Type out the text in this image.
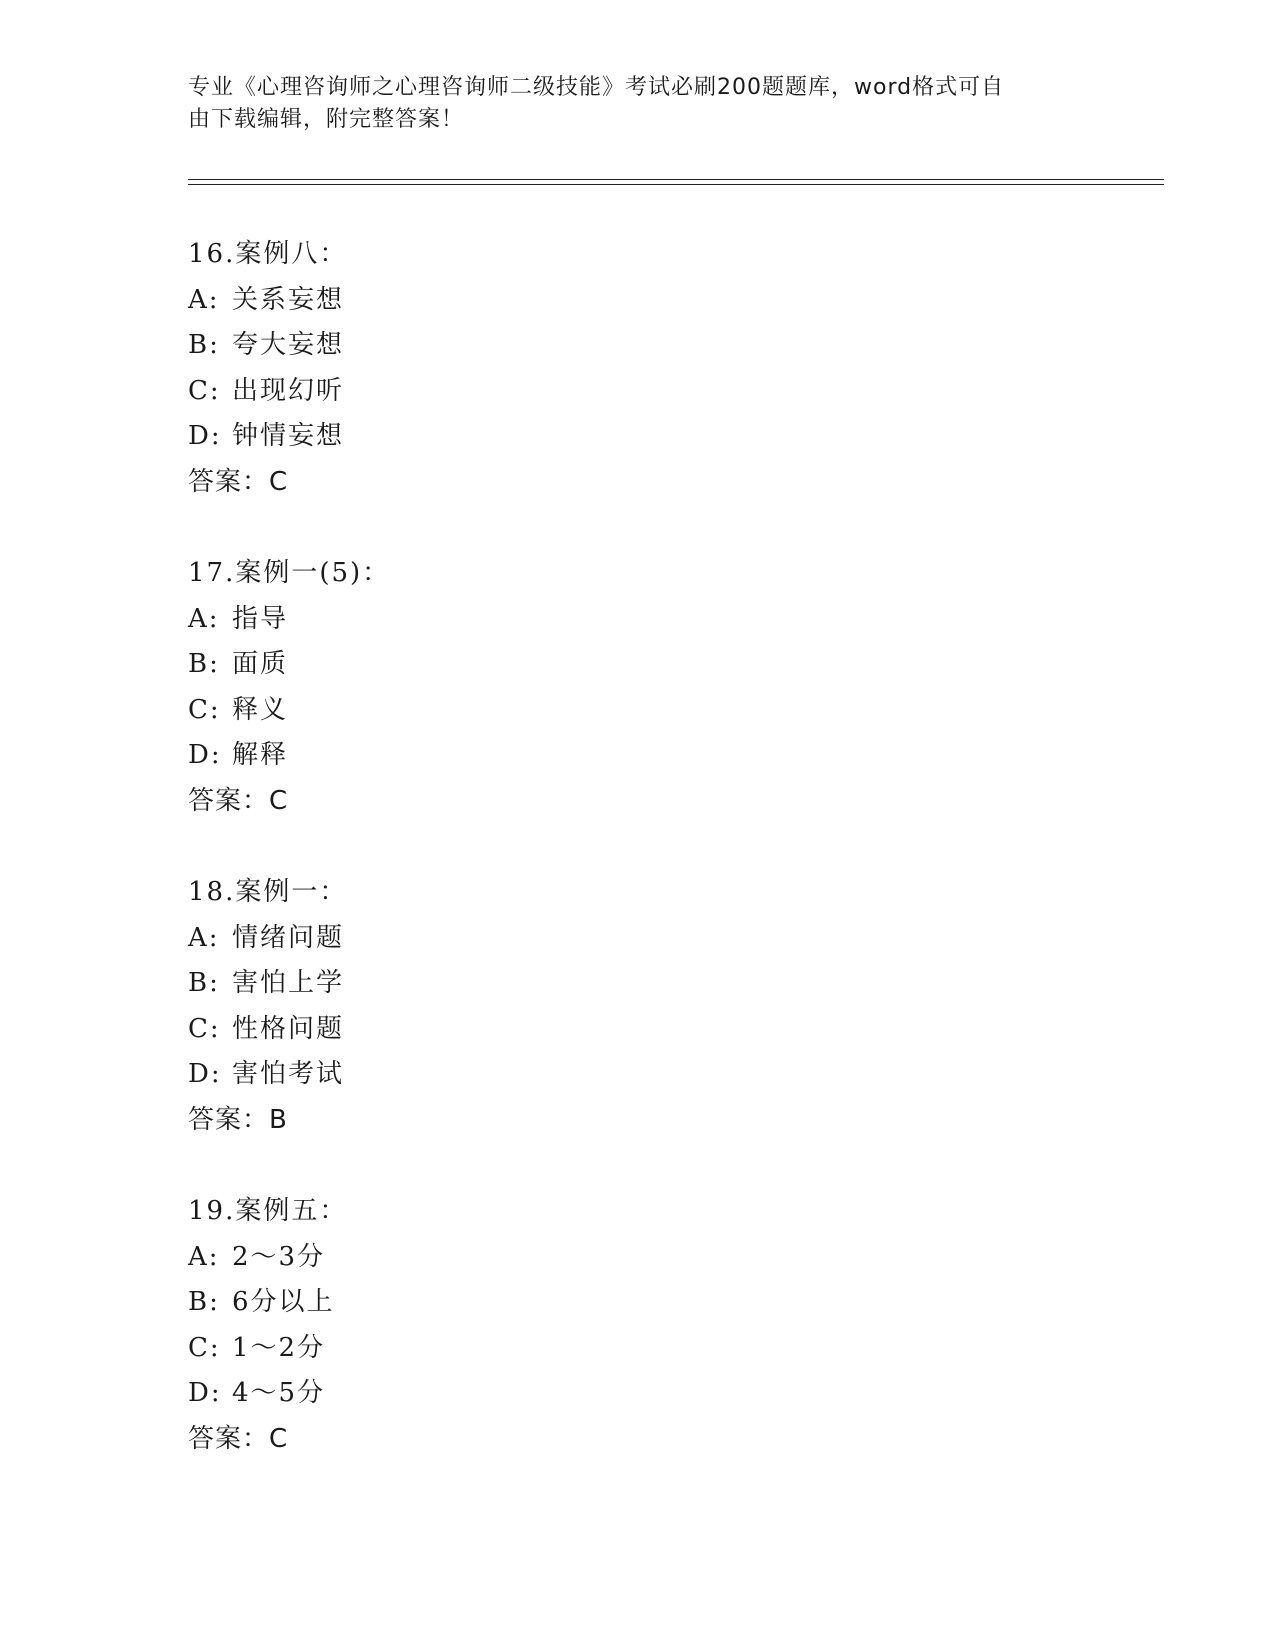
专业《心理咨询师之心理咨询师二级技能》考试必刷200题题库，word格式可自
由下载编辑，附完整答案！
16.案例八：
A: 关系妄想
B: 夸大妄想
C: 出现幻听
D: 钟情妄想
答案：C
17.案例一(5)：
A: 指导
B: 面质
C: 释义
D: 解释
答案：C
18.案例一：
A: 情绪问题
B: 害怕上学
C: 性格问题
D: 害怕考试
答案：B
19.案例五：
A: 2～3分
B: 6分以上
C: 1～2分
D: 4～5分
答案：C
